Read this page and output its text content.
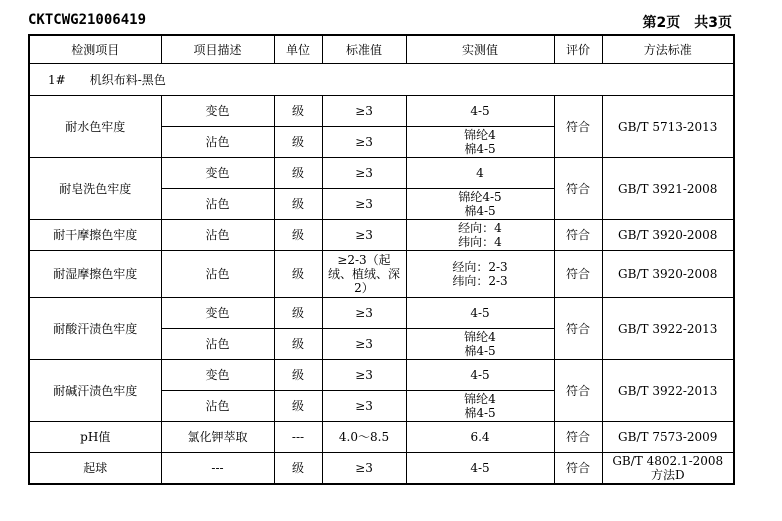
CKTCWG21006419	第2页　共3页
检测项目	项目描述	单位	标准值	实测值	评价	方法标准
1#　　机织布料-黑色						
耐水色牢度	变色	级	≥3	4-5	符合	GB/T 5713-2013
	沾色	级	≥3	锦纶4
棉4-5		

耐皂洗色牢度	变色	级	≥3	4	符合	GB/T 3921-2008
	沾色	级	≥3	锦纶4-5
棉4-5		

耐干摩擦色牢度	沾色	级	≥3	经向：4
纬向：4	符合	GB/T 3920-2008
耐湿摩擦色牢度	沾色	级	≥2-3（起
绒、植绒、深
2）	经向：2-3
纬向：2-3	符合	GB/T 3920-2008
耐酸汗渍色牢度	变色	级	≥3	4-5	符合	GB/T 3922-2013
	沾色	级	≥3	锦纶4
棉4-5		

耐碱汗渍色牢度	变色	级	≥3	4-5	符合	GB/T 3922-2013
	沾色	级	≥3	锦纶4
棉4-5		

pH值	氯化钾萃取	---	4.0～8.5	6.4	符合	GB/T 7573-2009
起球	---	级	≥3	4-5	符合	GB/T 4802.1-2008
方法D
